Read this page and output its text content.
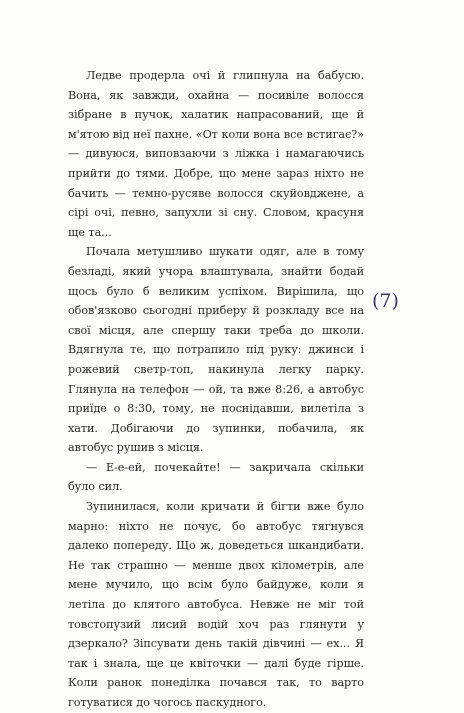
Ледве продерла очі й глипнула на бабусю. Вона, як завжди, охайна — посивіле волосся зібране в пучок, халатик напрасований, ще й м'ятою від неї пахне. «От коли вона все встигає?» — дивуюся, виповзаючи з ліжка і намагаючись прийти до тями. Добре, що мене зараз ніхто не бачить — темно-русяве волосся скуйовджене, а сірі очі, певно, запухли зі сну. Словом, красуня ще та...

Почала метушливо шукати одяг, але в тому безладі, який учора влаштувала, знайти бодай щось було б великим успіхом. Вирішила, що обов'язково сьогодні приберу й розкладу все на свої місця, але спершу таки треба до школи. Вдягнула те, що потрапило під руку: джинси і рожевий светр-топ, накинула легку парку. Глянула на телефон — ой, та вже 8:26, а автобус приїде о 8:30, тому, не поснідавши, вилетіла з хати. Добігаючи до зупинки, побачила, як автобус рушив з місця.

— Е-е-ей, почекайте! — закричала скільки було сил.

Зупинилася, коли кричати й бігти вже було марно: ніхто не почує, бо автобус тягнувся далеко попереду. Що ж, доведеться шкандибати. Не так страшно — менше двох кілометрів, але мене мучило, що всім було байдуже, коли я летіла до клятого автобуса. Невже не міг той товстопузий лисий водій хоч раз глянути у дзеркало? Зіпсувати день такій дівчині — ех... Я так і знала, ще це квіточки — далі буде гірше. Коли ранок понеділка почався так, то варто готуватися до чогось паскудного.

(7)
